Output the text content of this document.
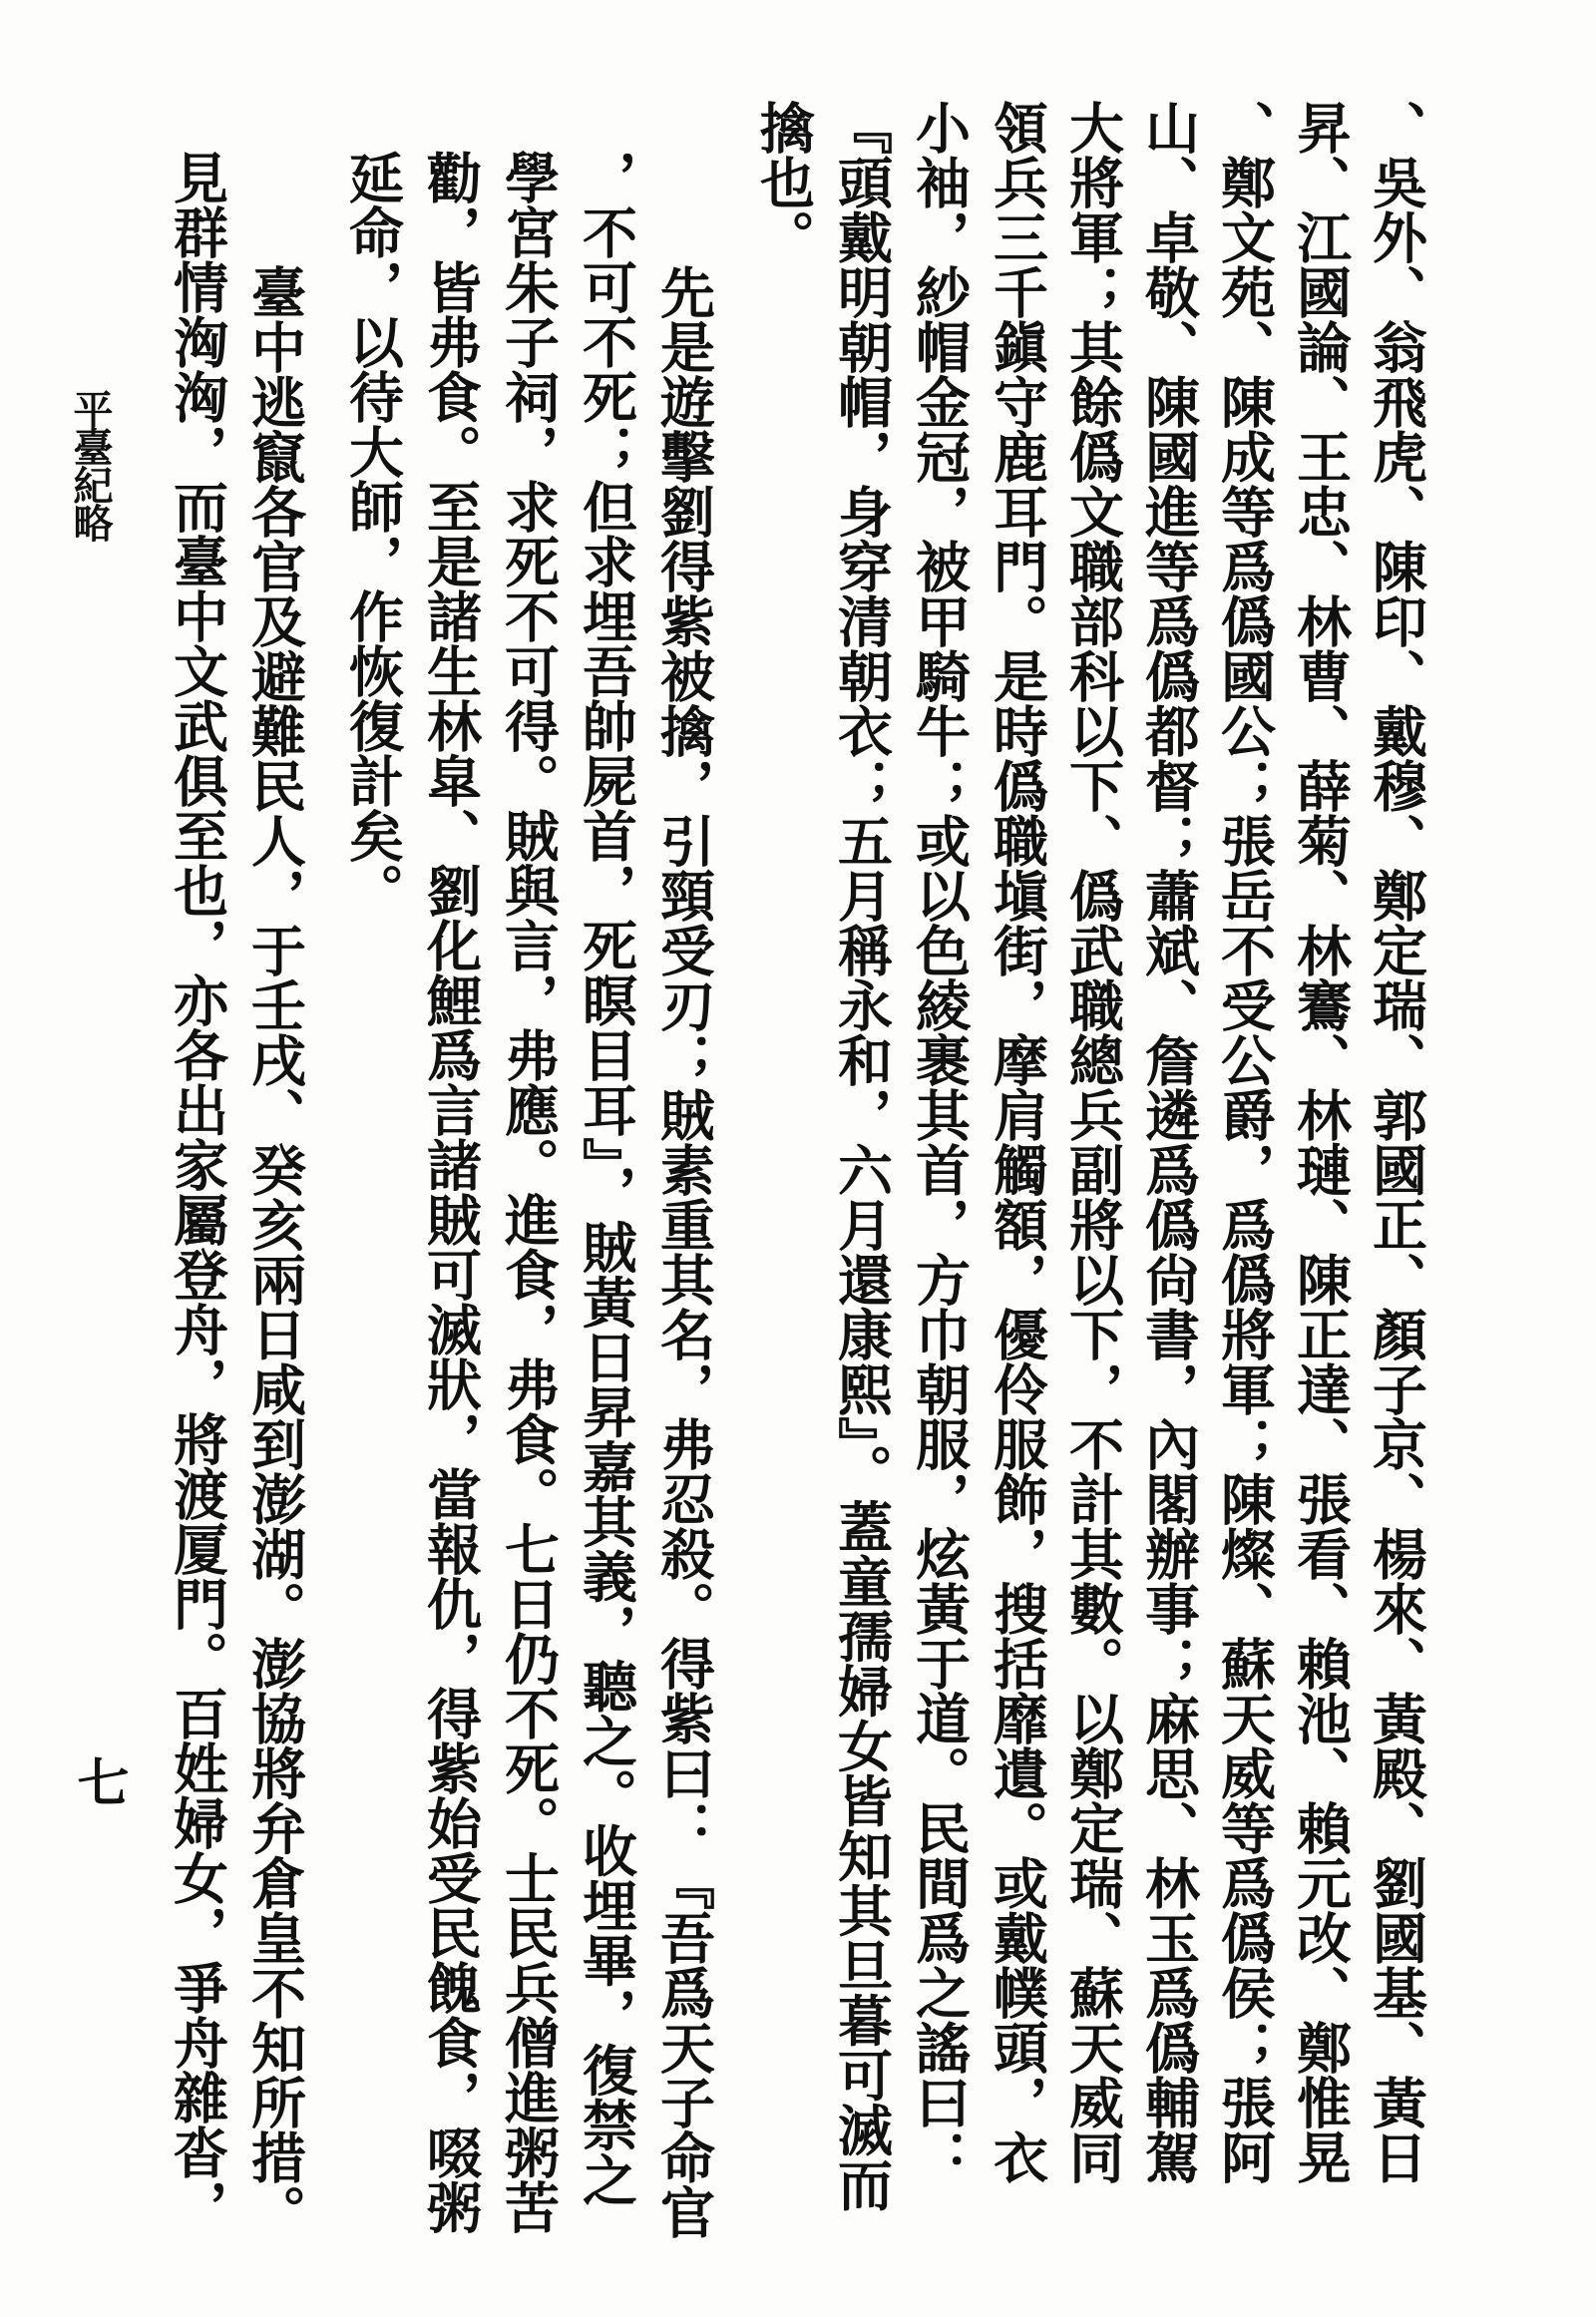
、吳外、翁飛虎、陳印、戴穆、鄭定瑞、郭國正、顏子京、楊來、黃殿、劉國基、黃日
昇、江國論、王忠、林曹、薛菊、林鶱、林璉、陳正達、張看、賴池、賴元改、鄭惟晃
、鄭文苑、陳成等爲僞國公；張岳不受公爵，爲僞將軍；陳燦、蘇天威等爲僞侯；張阿
山、卓敬、陳國進等爲僞都督；蕭斌、詹遴爲僞尙書，內閣辦事；麻思、林玉爲僞輔駕
大將軍；其餘僞文職部科以下、僞武職總兵副將以下，不計其數。以鄭定瑞、蘇天威同
領兵三千鎭守鹿耳門。是時僞職塡街，摩肩觸額，優伶服飾，搜括靡遺。或戴幞頭，衣
小袖，紗帽金冠，被甲騎牛；或以色綾裹其首，方巾朝服，炫黃于道。民間爲之謠曰：
『頭戴明朝帽，身穿清朝衣；五月稱永和，六月還康熙』。蓋童孺婦女皆知其旦暮可滅而
擒也。
　先是遊擊劉得紫被擒，引頸受刃；賊素重其名，弗忍殺。得紫曰：『吾爲天子命官
，不可不死；但求埋吾帥屍首，死瞑目耳』，賊黃日昇嘉其義，聽之。收埋畢，復禁之
學宮朱子祠，求死不可得。賊與言，弗應。進食，弗食。七日仍不死。士民兵僧進粥苦
勸，皆弗食。至是諸生林皐、劉化鯉爲言諸賊可滅狀，當報仇，得紫始受民餽食，啜粥
延命，以待大師，作恢復計矣。
　臺中逃竄各官及避難民人，于壬戌、癸亥兩日咸到澎湖。澎協將弁倉皇不知所措。
見群情洶洶，而臺中文武俱至也，亦各出家屬登舟，將渡厦門。百姓婦女，爭舟雜沓，
平臺紀略
七
